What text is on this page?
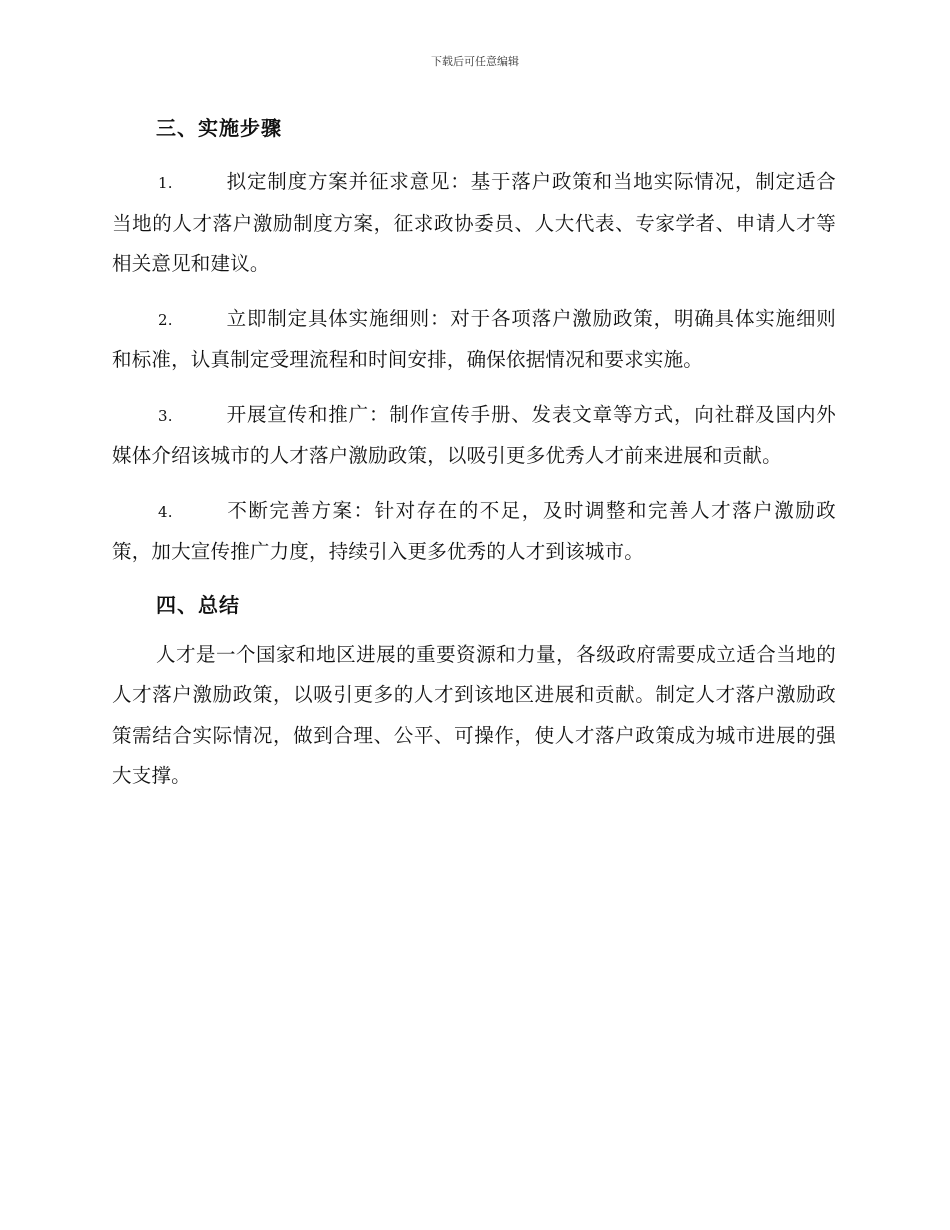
下载后可任意编辑
三、实施步骤

1.	拟定制度方案并征求意见：基于落户政策和当地实际情况，制定适合当地的人才落户激励制度方案，征求政协委员、人大代表、专家学者、申请人才等相关意见和建议。

2.	立即制定具体实施细则：对于各项落户激励政策，明确具体实施细则和标准，认真制定受理流程和时间安排，确保依据情况和要求实施。

3.	开展宣传和推广：制作宣传手册、发表文章等方式，向社群及国内外媒体介绍该城市的人才落户激励政策，以吸引更多优秀人才前来进展和贡献。

4.	不断完善方案：针对存在的不足，及时调整和完善人才落户激励政策，加大宣传推广力度，持续引入更多优秀的人才到该城市。

四、总结

人才是一个国家和地区进展的重要资源和力量，各级政府需要成立适合当地的人才落户激励政策，以吸引更多的人才到该地区进展和贡献。制定人才落户激励政策需结合实际情况，做到合理、公平、可操作，使人才落户政策成为城市进展的强大支撑。
